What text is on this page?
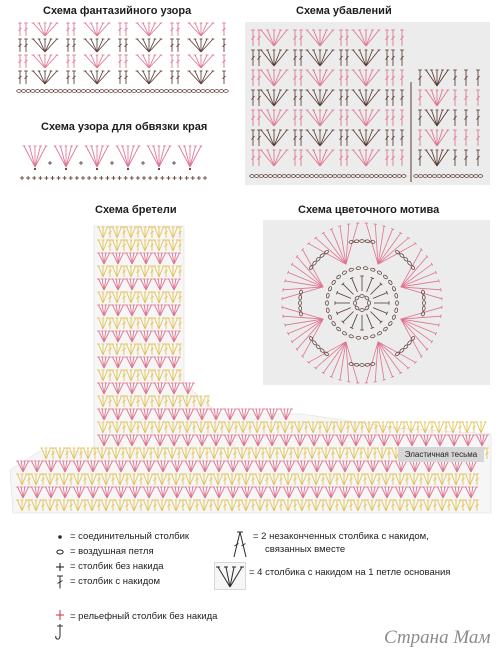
Схема фантазийного узора	Схема убавлений
Схема узора для обвязки края
Схема бретели	Схема цветочного мотива
Эластичная тесьма
= соединительный столбик
= воздушная петля
= столбик без накида
= столбик с накидом
= рельефный столбик без накида
= 2 незаконченных столбика с накидом,
связанных вместе
= 4 столбика с накидом на 1 петле основания
Страна Мам
